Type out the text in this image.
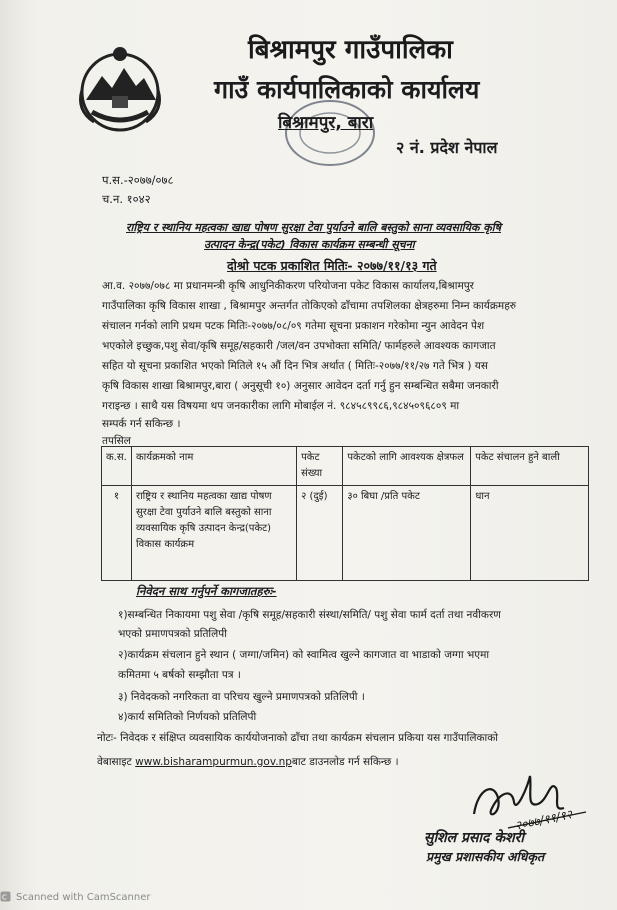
बिश्रामपुर गाउँपालिका
गाउँ कार्यपालिकाको कार्यालय
बिश्रामपुर, बारा
२ नं. प्रदेश नेपाल
प.स.-२०७७/०७८
च.न. १०४२
राष्ट्रिय र स्थानिय महत्वका खाद्य पोषण सुरक्षा टेवा पुर्याउने बालि बस्तुको साना व्यवसायिक कृषि
उत्पादन केन्द्र(पकेट) विकास कार्यक्रम सम्बन्धी सूचना
दोश्रो पटक प्रकाशित मितिः- २०७७/११/१३ गते
आ.व. २०७७/०७८ मा प्रधानमन्त्री कृषि आधुनिकीकरण परियोजना पकेट विकास कार्यालय,बिश्रामपुर
गाउँपालिका कृषि विकास शाखा , बिश्रामपुर अन्तर्गत तोकिएको ढाँचामा तपशिलका क्षेत्रहरुमा निम्न कार्यक्रमहरु
संचालन गर्नको लागि प्रथम पटक मितिः-२०७७/०८/०९ गतेमा सूचना प्रकाशन गरेकोमा न्युन आवेदन पेश
भएकोले इच्छुक,पशु सेवा/कृषि समूह/सहकारी /जल/वन उपभोक्ता समिति/ फार्महरुले आवश्यक कागजात
सहित यो सूचना प्रकाशित भएको मितिले १५ औं दिन भित्र अर्थात ( मितिः-२०७७/११/२७ गते भित्र ) यस
कृषि विकास शाखा बिश्रामपुर,बारा ( अनुसूची १०) अनुसार आवेदन दर्ता गर्नु हुन सम्बन्धित सबैमा जनकारी
गराइन्छ । साथै यस विषयमा थप जनकारीका लागि मोबाईल नं. ९८४५८९९८६,९८४५०९६८०९ मा
सम्पर्क गर्न सकिन्छ ।
तपसिल
क.स.	कार्यक्रमको नाम	पकेट संख्या	पकेटको लागि आवश्यक क्षेत्रफल	पकेट संचालन हुने बाली
१	राष्ट्रिय र स्थानिय महत्वका खाद्य पोषण सुरक्षा टेवा पुर्याउने बालि बस्तुको साना व्यवसायिक कृषि उत्पादन केन्द्र(पकेट) विकास कार्यक्रम	२ (दुई)	३० बिघा /प्रति पकेट	धान
निवेदन साथ गर्नुपर्ने कागजातहरुः-
१)सम्बन्धित निकायमा पशु सेवा /कृषि समूह/सहकारी संस्था/समिति/ पशु सेवा फार्म दर्ता तथा नवीकरण
भएको प्रमाणपत्रको प्रतिलिपी
२)कार्यक्रम संचलान हुने स्थान ( जग्गा/जमिन) को स्वामित्व खुल्ने कागजात वा भाडाको जग्गा भएमा
कमितमा ५ बर्षको सम्झौता पत्र ।
३) निवेदकको नगरिकता वा परिचय खुल्ने प्रमाणपत्रको प्रतिलिपी ।
४)कार्य समितिको निर्णयको प्रतिलिपी
नोटः- निवेदक र संक्षिप्त व्यवसायिक कार्ययोजनाको ढाँचा तथा कार्यक्रम संचलान प्रकिया यस गाउँपालिकाको
वेबासाइट www.bisharampurmun.gov.npबाट डाउनलोड गर्न सकिन्छ ।
२०७७/११/१२
सुशिल प्रसाद केशरी
प्रमुख प्रशासकीय अधिकृत
C Scanned with CamScanner
